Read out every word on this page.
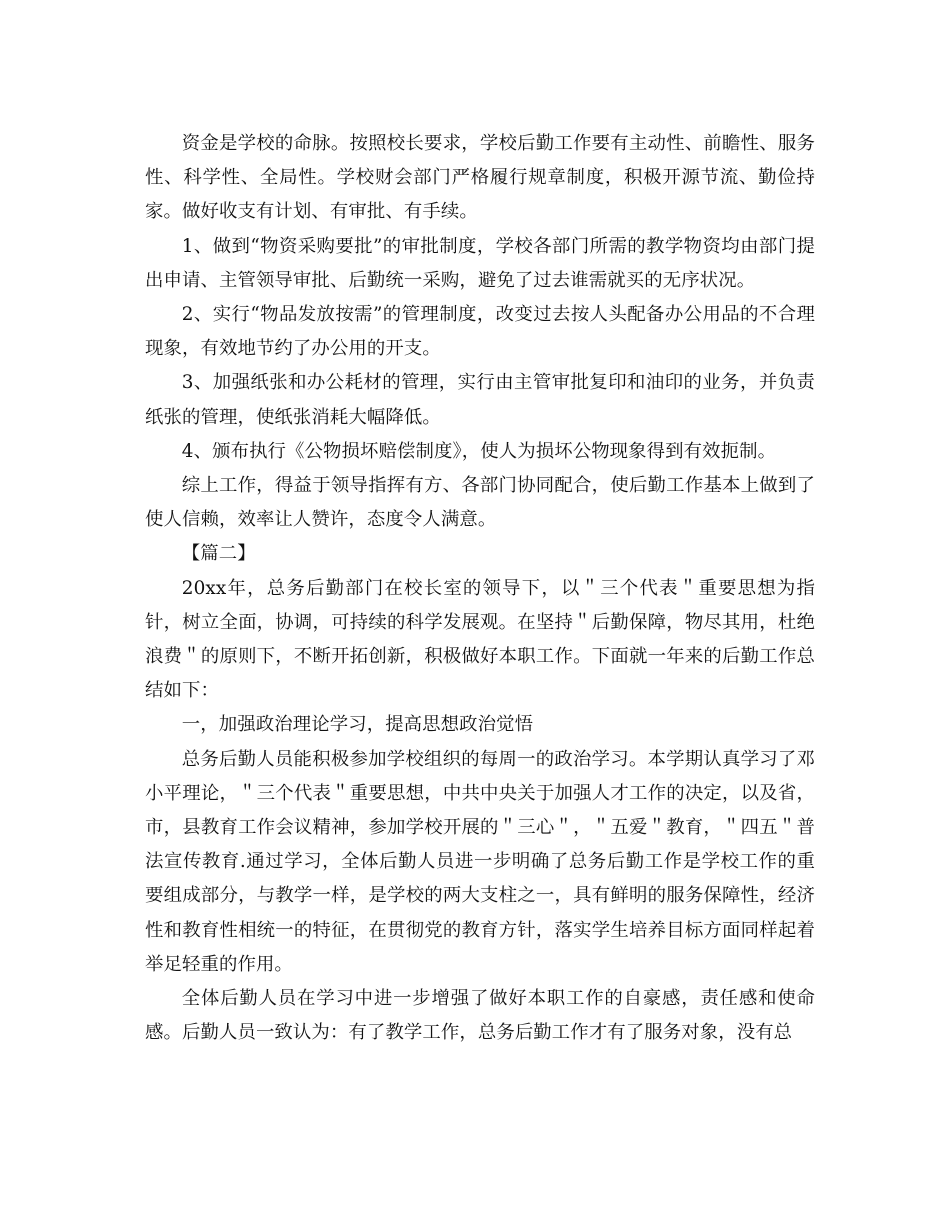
资金是学校的命脉。按照校长要求，学校后勤工作要有主动性、前瞻性、服务性、科学性、全局性。学校财会部门严格履行规章制度，积极开源节流、勤俭持家。做好收支有计划、有审批、有手续。

1、做到“物资采购要批”的审批制度，学校各部门所需的教学物资均由部门提出申请、主管领导审批、后勤统一采购，避免了过去谁需就买的无序状况。

2、实行“物品发放按需”的管理制度，改变过去按人头配备办公用品的不合理现象，有效地节约了办公用的开支。

3、加强纸张和办公耗材的管理，实行由主管审批复印和油印的业务，并负责纸张的管理，使纸张消耗大幅降低。

4、颁布执行《公物损坏赔偿制度》，使人为损坏公物现象得到有效扼制。

综上工作，得益于领导指挥有方、各部门协同配合，使后勤工作基本上做到了使人信赖，效率让人赞许，态度令人满意。

【篇二】

20xx年，总务后勤部门在校长室的领导下，以＂三个代表＂重要思想为指针，树立全面，协调，可持续的科学发展观。在坚持＂后勤保障，物尽其用，杜绝浪费＂的原则下，不断开拓创新，积极做好本职工作。下面就一年来的后勤工作总结如下：

一，加强政治理论学习，提高思想政治觉悟

总务后勤人员能积极参加学校组织的每周一的政治学习。本学期认真学习了邓小平理论，＂三个代表＂重要思想，中共中央关于加强人才工作的决定，以及省，市，县教育工作会议精神，参加学校开展的＂三心＂，＂五爱＂教育，＂四五＂普法宣传教育.通过学习，全体后勤人员进一步明确了总务后勤工作是学校工作的重要组成部分，与教学一样，是学校的两大支柱之一，具有鲜明的服务保障性，经济性和教育性相统一的特征，在贯彻党的教育方针，落实学生培养目标方面同样起着举足轻重的作用。

全体后勤人员在学习中进一步增强了做好本职工作的自豪感，责任感和使命感。后勤人员一致认为：有了教学工作，总务后勤工作才有了服务对象，没有总
